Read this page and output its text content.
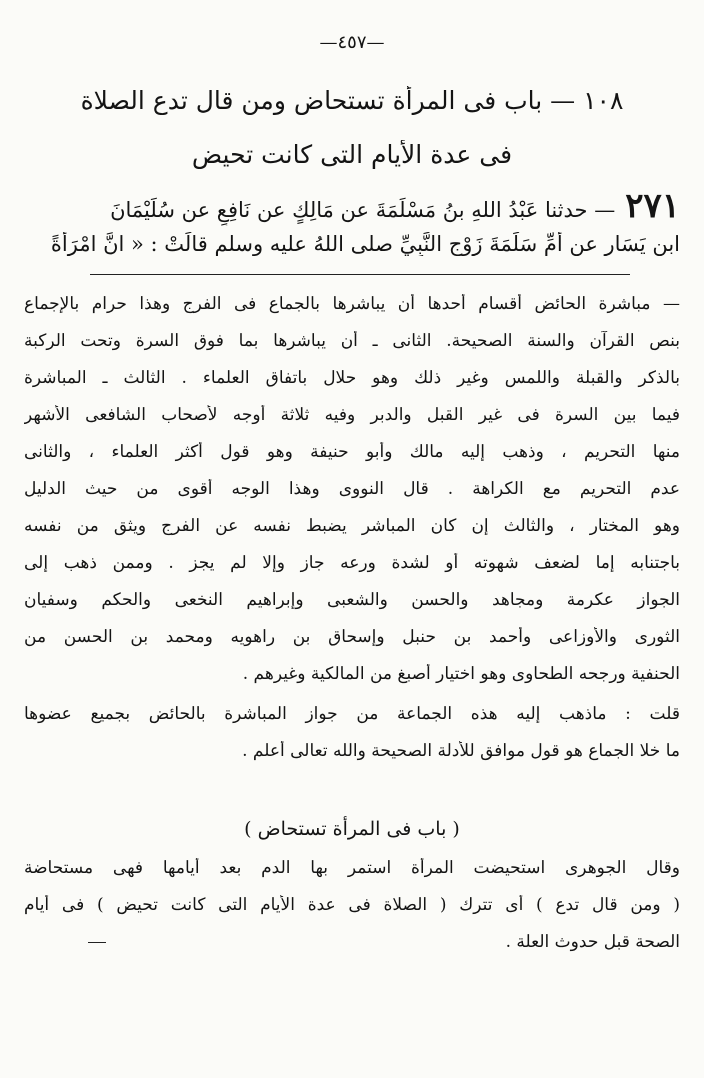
—٤٥٧—
١٠٨ — باب فى المرأة تستحاض ومن قال تدع الصلاة
فى عدة الأيام التى كانت تحيض
٢٧١— حدثنا عَبْدُ اللهِ بنُ مَسْلَمَةَ عن مَالِكٍ عن نَافِعٍ عن سُلَيْمَانَ
ابنِ يَسَارٍ عن أُمِّ سَلَمَةَ زَوْجِ النَّبِيِّ صلى اللهُ عليه وسلم قالَتْ : « انَّ امْرَأَةً
— مباشرة الحائض أقسام أحدها أن يباشرها بالجماع فى الفرج وهذا حرام بالإجماع
بنص القرآن والسنة الصحيحة. الثانى ـ أن يباشرها بما فوق السرة وتحت الركبة
بالذكر والقبلة واللمس وغير ذلك وهو حلال باتفاق العلماء . الثالث ـ المباشرة
فيما بين السرة فى غير القبل والدبر وفيه ثلاثة أوجه لأصحاب الشافعى الأشهر
منها التحريم ، وذهب إليه مالك وأبو حنيفة وهو قول أكثر العلماء ، والثانى
عدم التحريم مع الكراهة . قال النووى وهذا الوجه أقوى من حيث الدليل
وهو المختار ، والثالث إن كان المباشر يضبط نفسه عن الفرج ويثق من نفسه
باجتنابه إما لضعف شهوته أو لشدة ورعه جاز وإلا لم يجز . وممن ذهب إلى
الجواز عكرمة ومجاهد والحسن والشعبى وإبراهيم النخعى والحكم وسفيان
الثورى والأوزاعى وأحمد بن حنبل وإسحاق بن راهويه ومحمد بن الحسن من
الحنفية ورجحه الطحاوى وهو اختيار أصبغ من المالكية وغيرهم .
قلت : ماذهب إليه هذه الجماعة من جواز المباشرة بالحائض بجميع عضوها
ما خلا الجماع هو قول موافق للأدلة الصحيحة والله تعالى أعلم .
( باب فى المرأة تستحاض )
وقال الجوهرى استحيضت المرأة استمر بها الدم بعد أيامها فهى مستحاضة
( ومن قال تدع ) أى تترك ( الصلاة فى عدة الأيام التى كانت تحيض ) فى أيام
الصحة قبل حدوث العلة .
